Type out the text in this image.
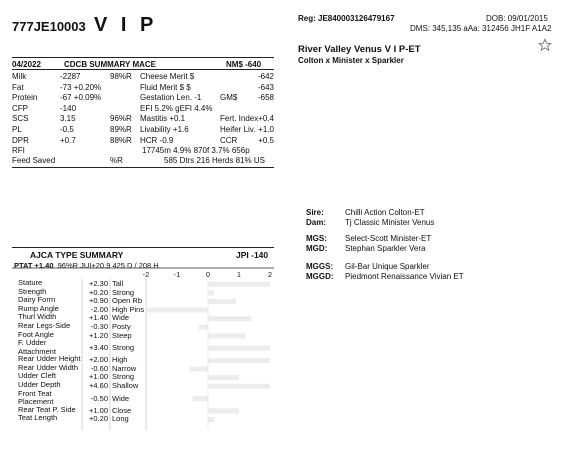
777JE10003 V I P	Reg: JE840003126479167	DOB: 09/01/2015
DMS: 345,135 aAa: 312456 JH1F A1A2
River Valley Venus V I P-ET
Colton x Minister x Sparkler
04/2022	CDCB SUMMARY MACE	NM$ -640
Milk	-2287	98%R Cheese Merit $	-642
Fat	-73 +0.20%	Fluid Merit $ $	-643
Protein	-67 +0.09%	Gestation Len. -1 GM$	-658
CFP	-140	EFI 5.2% gEFI 4.4%
SCS	3.15	96%R Mastitis +0.1	Fert. Index +0.4
PL	-0.5	89%R Livability +1.6	Heifer Liv. +1.0
DPR	+0.7	88%R HCR -0.9	CCR	+0.5
RFI	17745m 4.9% 870f 3.7% 656p
Feed Saved	%R	585 Dtrs 216 Herds 81% US
Sire:	Chilli Action Colton-ET
Dam: Tj Classic Minister Venus
MGS: Select-Scott Minister-ET
MGD: Stephan Sparkler Vera
MGGS: Gil-Bar Unique Sparkler
MGGD: Piedmont Renaissance Vivian ET
AJCA TYPE SUMMARY	JPI -140
PTAT +1.40 96%R JUI+20.9 425 D / 208 H
Stature	+2.30 Tall
Strength	+0.20 Strong
Dairy Form	+0.90 Open Rb
Rump Angle	-2.00 High Pins
Thurl Width	+1.40 Wide
Rear Legs-Side	-0.30 Posty
Foot Angle	+1.20 Steep
F. Udder Attachment	+3.40 Strong
Rear Udder Height	+2.00 High
Rear Udder Width	-0.60 Narrow
Udder Cleft	+1.00 Strong
Udder Depth	+4.60 Shallow
Front Teat Placement	-0.50 Wide
Rear Teat P. Side	+1.00 Close
Teat Length	+0.20 Long
-2	-1	0	1	2
